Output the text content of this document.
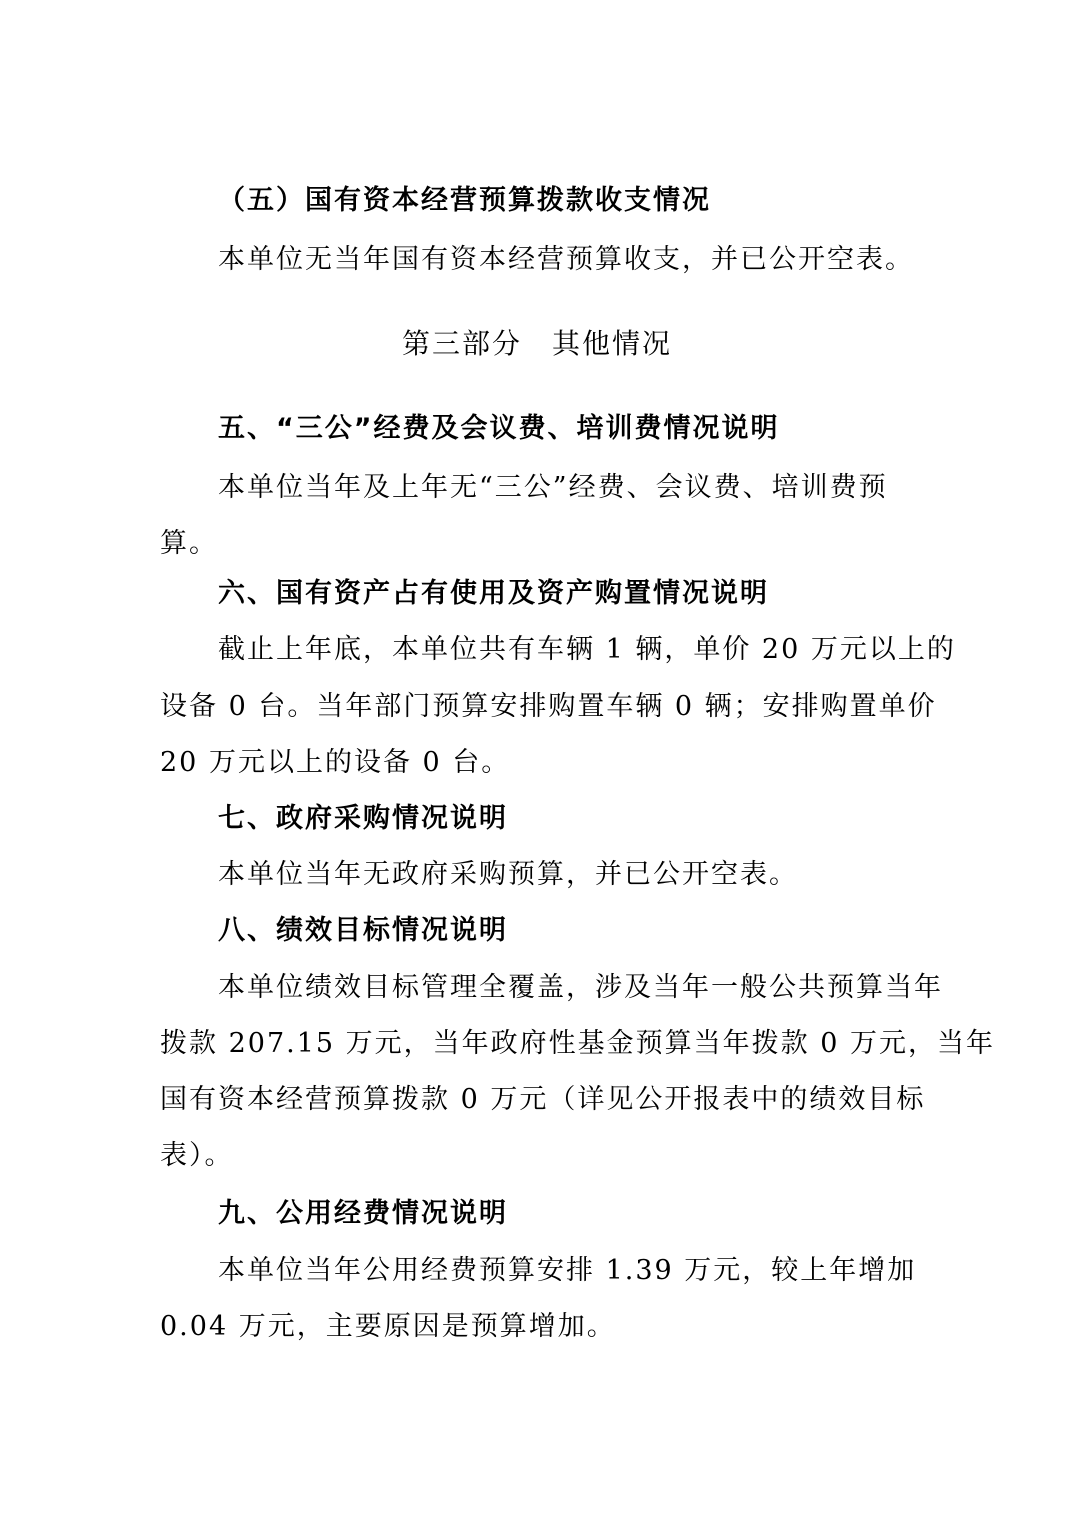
（五）国有资本经营预算拨款收支情况
本单位无当年国有资本经营预算收支，并已公开空表。
第三部分　其他情况
五、“三公”经费及会议费、培训费情况说明
本单位当年及上年无“三公”经费、会议费、培训费预
算。
六、国有资产占有使用及资产购置情况说明
截止上年底，本单位共有车辆 1 辆，单价 20 万元以上的
设备 0 台。当年部门预算安排购置车辆 0 辆；安排购置单价
20 万元以上的设备 0 台。
七、政府采购情况说明
本单位当年无政府采购预算，并已公开空表。
八、绩效目标情况说明
本单位绩效目标管理全覆盖，涉及当年一般公共预算当年
拨款 207.15 万元，当年政府性基金预算当年拨款 0 万元，当年
国有资本经营预算拨款 0 万元（详见公开报表中的绩效目标
表）。
九、公用经费情况说明
本单位当年公用经费预算安排 1.39 万元，较上年增加
0.04 万元，主要原因是预算增加。
